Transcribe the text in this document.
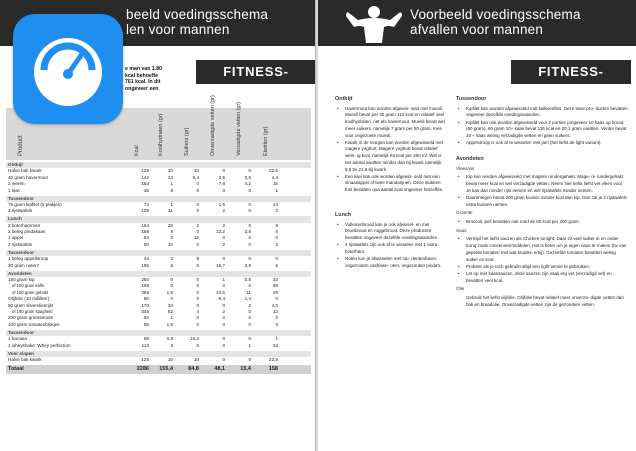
beeld voedingsschema
len voor mannen
FITNESS-TIPS.NL
e man van 1.80
kcal behoefte
761 kcal. In dit
ongeveer een
Product	Kcal	Koolhydraten (gr)	Suikers (gr)	Onverzadigde vetten (gr)	Verzadigde vetten (gr)	Eiwitten (gr)
Ontbijt
Halve bak kwark	125	10	10	0	0	22,5
40 gram havermout	142	24	0,4	2,5	0,6	4,4
2 eieren	164	1	0	7,8	4,2	15
1 kiwi	38	8	6	0	0	1
Tussendoor
75 gram kipfilet (5 plakjes)	73	1	0	1,5	0	14
2 rijstwafels	109	11	0	2	0	2
Lunch
2 boterhammen	164	28	2	2	0	8
2 beleg pindakaas	168	5	0	12,2	2,8	6
1 appel	54	0	12	0	0	0
2 rijstwafels	50	10	0	2	0	2
Tussendoor
1 beleg appelstroop	42	2	8	0	0	0
30 gram noten*	185	5	0	16,7	2,9	6
Avondeten
150 gram kip	250	0	0	1	0,5	32
of 150 gram kalfs	196	0	0	0	0	38
of 150 gram gehakt	369	1,5	0	10,5	11	29
Olijfolie (10 milliliter)	80	0	0	8,4	1,4	0
50 gram zilvervliesrijst	170	34	0	0	2	4,0
of 190 gram spaghetti	345	62	4	2	0	13
200 gram groenteonts	62	1	0	0	0	0
100 gram tomatenblokjes	56	1,5	0	0	0	0
Tussendoor
1 banaan	88	0,8	15,2	0	0	1
1 wheyshake: Whey perfection	113	3	0	0	1	23
Voor slapen
Halve bak kwark	125	10	10	0	0	22,5
Totaal	2286	155,4	84,8	48,1	15,4	158
Voorbeeld voedingsschema
afvallen voor mannen
FITNESS-TIPS.NL
Ontbijt
• Havermout kan worden afgewis- seld met muesli. Muesli bevat per 30 gram 110 kcal en relatief veel koolhydraten, net als havermout. Muesli bevat wel meer suikers, namelijk 7 gram per 50 gram. Kies voor ongezoete muesli.
• Kwark in de morgen kan worden afgewisseld met magere yoghurt. Magere yoghurt bevat relatief wein- ig kcal, namelijk 63 kcal per 250 ml. Wel is het aantal eiwitten minder dan bij kwark namelijk 8,5 t/v 21,5 bij kwark.
• Een kiwi kan ook worden afgewis- seld met een sinaasappel of twee mandarijnen. Deze stukken fruit bevatten qua aantal kcal ongeveer hetzelfde.
Lunch
• Volkorenbrood kan je ook afwissel- en met bruinbrood en roggebrood. Deze producten bevatten ongeveer dezelfde voedingswaarden.
• 4 rijstwafels zijn ook af te wisselen met 1 extra boterham.
• Noten kun je afwisselen met stu- dentenhaver, ongezouten cashewn- oten, ongezouten pinda's.
Tussendoor
• Kipfilet kan worden afgewisseld met kalkoenfilet. Deze twee pro- ducten bevatten ongeveer dezelfde voedingswaarden.
• Kipfilet kan ook worden afgewisseld voor 2 porties (ongeveer 10 kaas op brood (60 gram). 60 gram 10+ kaas bevat 116 kcal en 20,1 gram eiwitten. Verder bevat 10 + kaas weinig verzadigde vetten en geen suikers.
• Appelstroop is ook af te wisselen met jam (het liefst de light variant).
Avondeten
Vlees/vis
• Kip kan worden afgewisseld met magere rundergehakt. Mage- re rundergehakt bevat meer kcal en wel verzadigde vetten. Neem hier liefst liefst vet vlees voor. Je kan dan minder rijst nemen en wel rijstwafels minder nemen.
• Daarentegen bevat 200 gram kooivis minder kcal dan kip. Dan zal je 2 rijstwafels extra kunnen nemen.
Groente
• Broccoli, peil bevatten ook rond de 60 kcal per 200 gram.
Saus
• Vermijd het liefst sauzen als Chicken tonight. Daar zit veel suiker in en onder tronq zoals conserveermiddelen. Het is beter om je eigen saus te maken (bv van gepelde tomaten met wat kruiden erbij). Gezeefde tomaten bevatten weinig suiker en kcal.
• Probeer als je toch gebruikt altijd een light versie te gebruiken.
• Let op met kaassauzen, deze sauzen zijn vaak erg vet (verzadigd vet) en bevatten veel kcal.
Olie
Gebruik het liefst olijfolie. Olijfolie bevat relatief meer onverza- digde vetten dan bak en braadolie. Onverzadigde vetten zijn de gezondere vetten.
